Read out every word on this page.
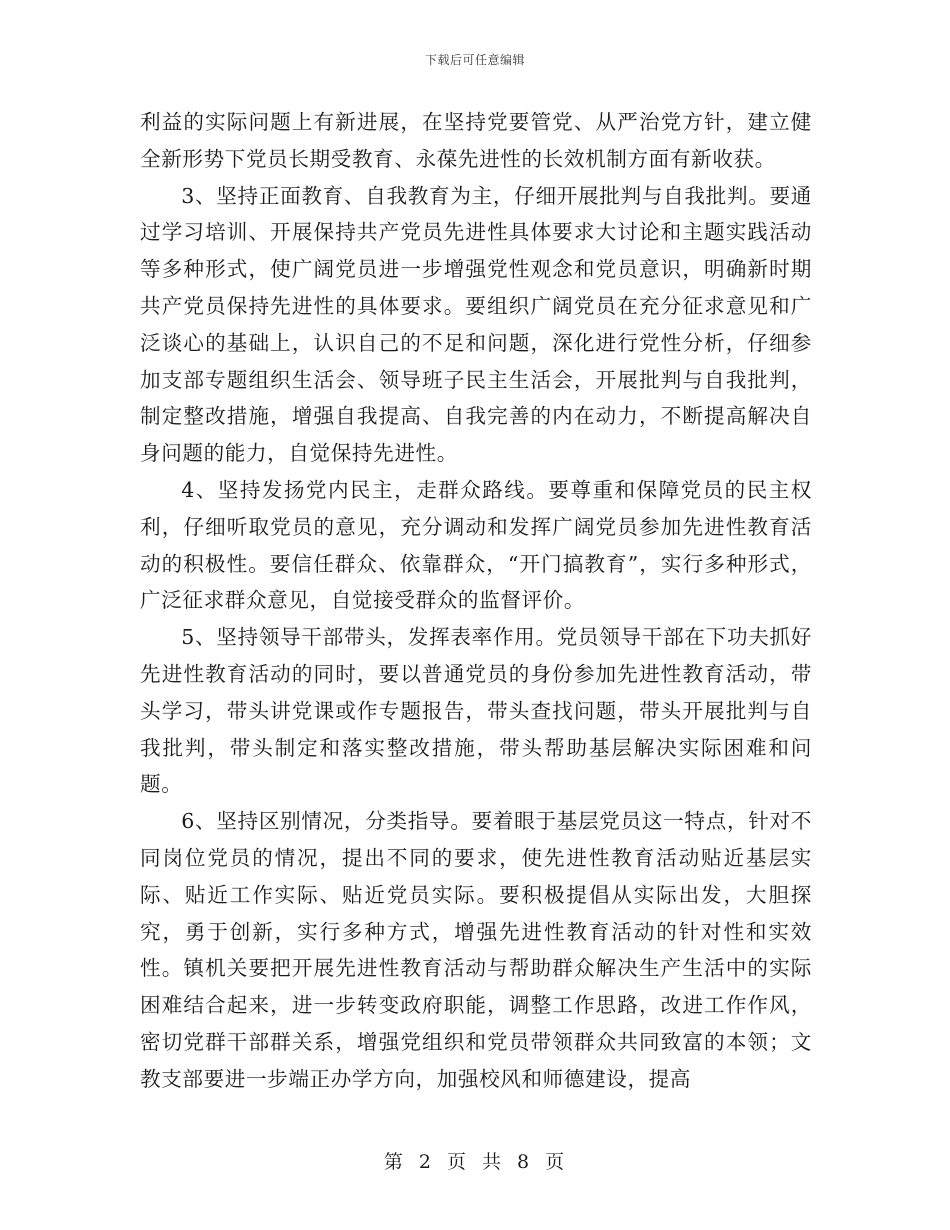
下载后可任意编辑

利益的实际问题上有新进展，在坚持党要管党、从严治党方针，建立健全新形势下党员长期受教育、永葆先进性的长效机制方面有新收获。

3、坚持正面教育、自我教育为主，仔细开展批判与自我批判。要通过学习培训、开展保持共产党员先进性具体要求大讨论和主题实践活动等多种形式，使广阔党员进一步增强党性观念和党员意识，明确新时期共产党员保持先进性的具体要求。要组织广阔党员在充分征求意见和广泛谈心的基础上，认识自己的不足和问题，深化进行党性分析，仔细参加支部专题组织生活会、领导班子民主生活会，开展批判与自我批判，制定整改措施，增强自我提高、自我完善的内在动力，不断提高解决自身问题的能力，自觉保持先进性。

4、坚持发扬党内民主，走群众路线。要尊重和保障党员的民主权利，仔细听取党员的意见，充分调动和发挥广阔党员参加先进性教育活动的积极性。要信任群众、依靠群众，“开门搞教育”，实行多种形式，广泛征求群众意见，自觉接受群众的监督评价。

5、坚持领导干部带头，发挥表率作用。党员领导干部在下功夫抓好先进性教育活动的同时，要以普通党员的身份参加先进性教育活动，带头学习，带头讲党课或作专题报告，带头查找问题，带头开展批判与自我批判，带头制定和落实整改措施，带头帮助基层解决实际困难和问题。

6、坚持区别情况，分类指导。要着眼于基层党员这一特点，针对不同岗位党员的情况，提出不同的要求，使先进性教育活动贴近基层实际、贴近工作实际、贴近党员实际。要积极提倡从实际出发，大胆探究，勇于创新，实行多种方式，增强先进性教育活动的针对性和实效性。镇机关要把开展先进性教育活动与帮助群众解决生产生活中的实际困难结合起来，进一步转变政府职能，调整工作思路，改进工作作风，密切党群干部群关系，增强党组织和党员带领群众共同致富的本领；文教支部要进一步端正办学方向，加强校风和师德建设，提高

第 2 页 共 8 页
